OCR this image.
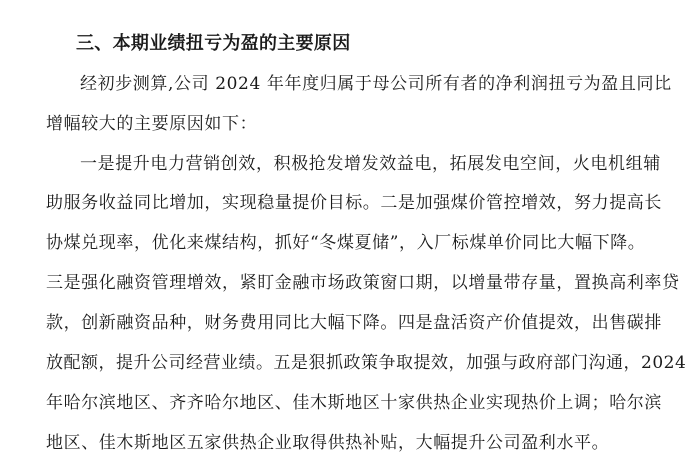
三、本期业绩扭亏为盈的主要原因
经初步测算,公司 2024 年年度归属于母公司所有者的净利润扭亏为盈且同比
增幅较大的主要原因如下：
一是提升电力营销创效，积极抢发增发效益电，拓展发电空间，火电机组辅
助服务收益同比增加，实现稳量提价目标。二是加强煤价管控增效，努力提高长
协煤兑现率，优化来煤结构，抓好“冬煤夏储”，入厂标煤单价同比大幅下降。
三是强化融资管理增效，紧盯金融市场政策窗口期，以增量带存量，置换高利率贷
款，创新融资品种，财务费用同比大幅下降。四是盘活资产价值提效，出售碳排
放配额，提升公司经营业绩。五是狠抓政策争取提效，加强与政府部门沟通，2024
年哈尔滨地区、齐齐哈尔地区、佳木斯地区十家供热企业实现热价上调；哈尔滨
地区、佳木斯地区五家供热企业取得供热补贴，大幅提升公司盈利水平。
